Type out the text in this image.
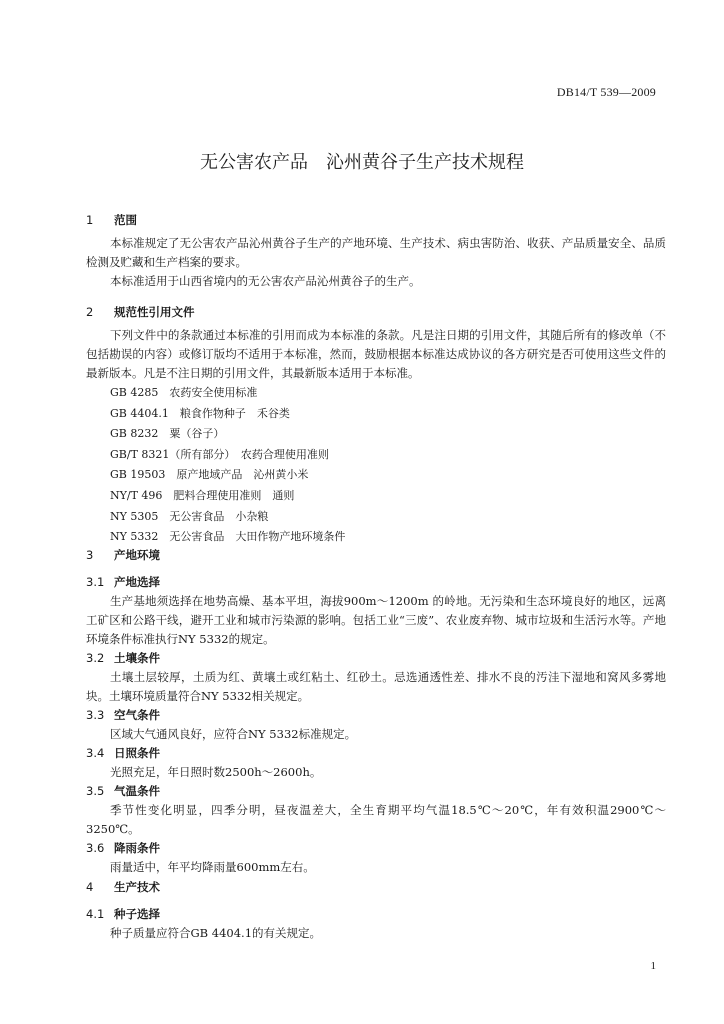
DB14/T 539—2009
无公害农产品　沁州黄谷子生产技术规程

1 范围

本标准规定了无公害农产品沁州黄谷子生产的产地环境、生产技术、病虫害防治、收获、产品质量安全、品质检测及贮藏和生产档案的要求。

本标准适用于山西省境内的无公害农产品沁州黄谷子的生产。

2 规范性引用文件

下列文件中的条款通过本标准的引用而成为本标准的条款。凡是注日期的引用文件，其随后所有的修改单（不包括勘误的内容）或修订版均不适用于本标准，然而，鼓励根据本标准达成协议的各方研究是否可使用这些文件的最新版本。凡是不注日期的引用文件，其最新版本适用于本标准。

GB 4285　农药安全使用标准

GB 4404.1　粮食作物种子　禾谷类

GB 8232　粟（谷子）

GB/T 8321（所有部分）　农药合理使用准则

GB 19503　原产地域产品　沁州黄小米

NY/T 496　肥料合理使用准则　通则

NY 5305　无公害食品　小杂粮

NY 5332　无公害食品　大田作物产地环境条件

3 产地环境

3.1 产地选择

生产基地须选择在地势高燥、基本平坦，海拔900m～1200m 的岭地。无污染和生态环境良好的地区，远离工矿区和公路干线，避开工业和城市污染源的影响。包括工业“三废”、农业废弃物、城市垃圾和生活污水等。产地环境条件标准执行NY 5332的规定。

3.2 土壤条件

土壤土层较厚，土质为红、黄壤土或红粘土、红砂土。忌选通透性差、排水不良的汚洼下湿地和窝风多雾地块。土壤环境质量符合NY 5332相关规定。

3.3 空气条件

区域大气通风良好，应符合NY 5332标准规定。

3.4 日照条件

光照充足，年日照时数2500h～2600h。

3.5 气温条件

季节性变化明显，四季分明，昼夜温差大，全生育期平均气温18.5℃～20℃，年有效积温2900℃～3250℃。

3.6 降雨条件

雨量适中，年平均降雨量600mm左右。

4 生产技术

4.1 种子选择

种子质量应符合GB 4404.1的有关规定。

1
